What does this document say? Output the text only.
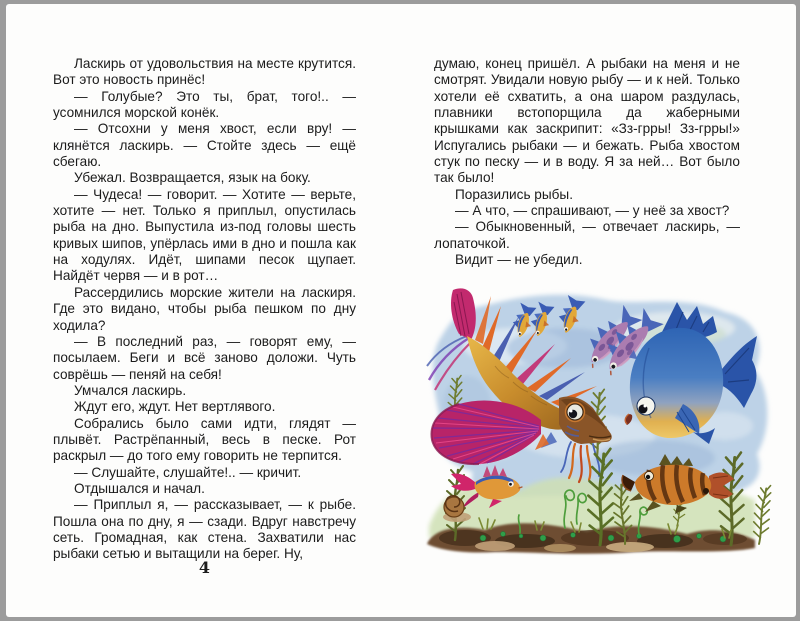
Ласкирь от удовольствия на месте крутится. Вот это новость принёс!

— Голубые? Это ты, брат, того!.. — усомнился морской конёк.

— Отсохни у меня хвост, если вру! — клянётся ласкирь. — Стойте здесь — ещё сбегаю.

Убежал. Возвращается, язык на боку.

— Чудеса! — говорит. — Хотите — верьте, хотите — нет. Только я приплыл, опустилась рыба на дно. Выпустила из-под головы шесть кривых шипов, упёрлась ими в дно и пошла как на ходулях. Идёт, шипами песок щупает. Найдёт червя — и в рот…

Рассердились морские жители на ласкиря. Где это видано, чтобы рыба пешком по дну ходила?

— В последний раз, — говорят ему, — посылаем. Беги и всё заново доложи. Чуть соврёшь — пеняй на себя!

Умчался ласкирь.

Ждут его, ждут. Нет вертлявого.

Собрались было сами идти, глядят — плывёт. Растрёпанный, весь в песке. Рот раскрыл — до того ему говорить не терпится.

— Слушайте, слушайте!.. — кричит.

Отдышался и начал.

— Приплыл я, — рассказывает, — к рыбе. Пошла она по дну, я — сзади. Вдруг навстречу сеть. Громадная, как стена. Захватили нас рыбаки сетью и вытащили на берег. Ну,

4

думаю, конец пришёл. А рыбаки на меня и не смотрят. Увидали новую рыбу — и к ней. Только хотели её схватить, а она шаром раздулась, плавники встопорщила да жаберными крышками как заскрипит: «Зз-грры! Зз-грры!» Испугались рыбаки — и бежать. Рыба хвостом стук по песку — и в воду. Я за ней… Вот было так было!

Поразились рыбы.

— А что, — спрашивают, — у неё за хвост?

— Обыкновенный, — отвечает ласкирь, — лопаточкой.

Видит — не убедил.
